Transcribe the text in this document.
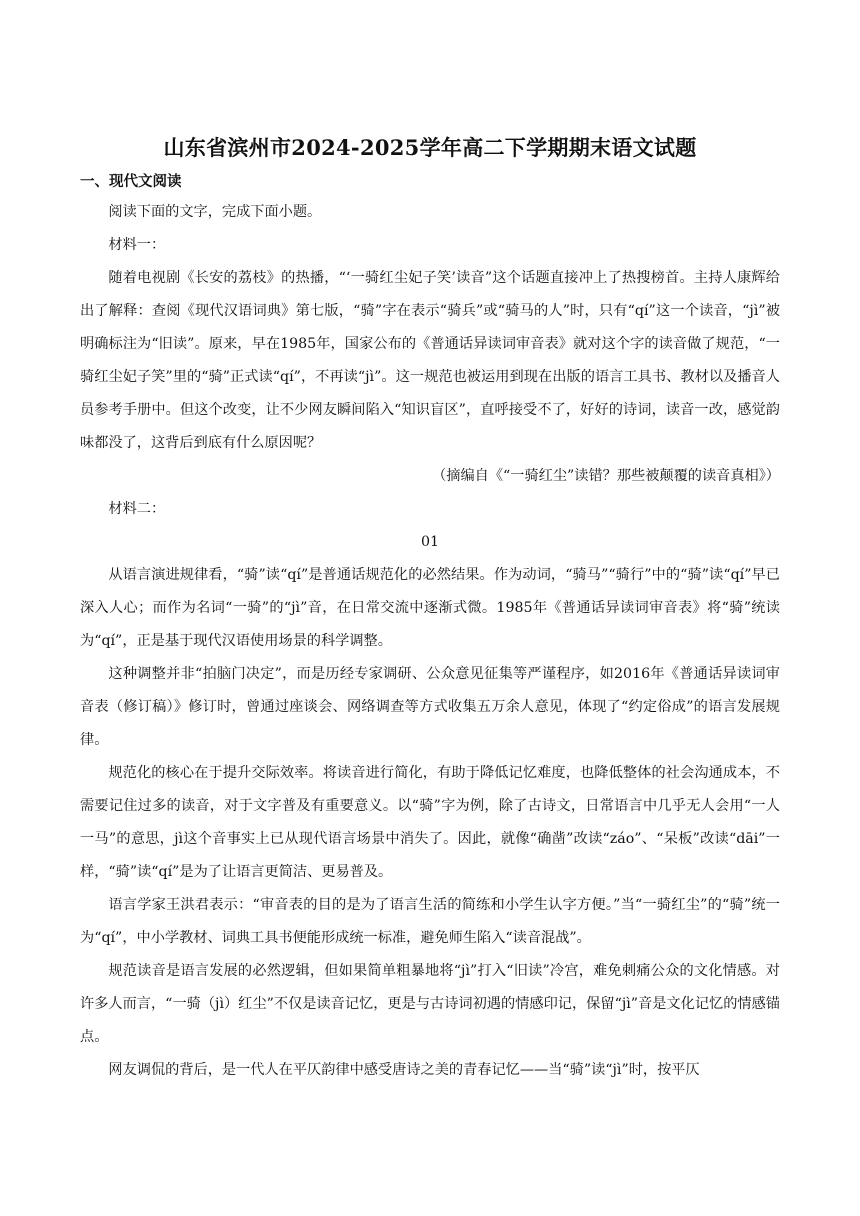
山东省滨州市2024-2025学年高二下学期期末语文试题
一、现代文阅读

阅读下面的文字，完成下面小题。

材料一：

随着电视剧《长安的荔枝》的热播，“‘一骑红尘妃子笑’读音”这个话题直接冲上了热搜榜首。主持人康辉给出了解释：查阅《现代汉语词典》第七版，“骑”字在表示“骑兵”或“骑马的人”时，只有“qí”这一个读音，“jì”被明确标注为“旧读”。原来，早在1985年，国家公布的《普通话异读词审音表》就对这个字的读音做了规范，“一骑红尘妃子笑”里的“骑”正式读“qí”，不再读“jì”。这一规范也被运用到现在出版的语言工具书、教材以及播音人员参考手册中。但这个改变，让不少网友瞬间陷入“知识盲区”，直呼接受不了，好好的诗词，读音一改，感觉韵味都没了，这背后到底有什么原因呢？

（摘编自《“一骑红尘”读错？那些被颠覆的读音真相》）

材料二：

01

从语言演进规律看，“骑”读“qí”是普通话规范化的必然结果。作为动词，“骑马”“骑行”中的“骑”读“qí”早已深入人心；而作为名词“一骑”的“jì”音，在日常交流中逐渐式微。1985年《普通话异读词审音表》将“骑”统读为“qí”，正是基于现代汉语使用场景的科学调整。

这种调整并非“拍脑门决定”，而是历经专家调研、公众意见征集等严谨程序，如2016年《普通话异读词审音表（修订稿）》修订时，曾通过座谈会、网络调查等方式收集五万余人意见，体现了“约定俗成”的语言发展规律。

规范化的核心在于提升交际效率。将读音进行简化，有助于降低记忆难度，也降低整体的社会沟通成本，不需要记住过多的读音，对于文字普及有重要意义。以“骑”字为例，除了古诗文，日常语言中几乎无人会用“一人一马”的意思，jì这个音事实上已从现代语言场景中消失了。因此，就像“确凿”改读“záo”、“呆板”改读“dāi”一样，“骑”读“qí”是为了让语言更简洁、更易普及。

语言学家王洪君表示：“审音表的目的是为了语言生活的简练和小学生认字方便。”当“一骑红尘”的“骑”统一为“qí”，中小学教材、词典工具书便能形成统一标准，避免师生陷入“读音混战”。

规范读音是语言发展的必然逻辑，但如果简单粗暴地将“jì”打入“旧读”冷宫，难免刺痛公众的文化情感。对许多人而言，“一骑（jì）红尘”不仅是读音记忆，更是与古诗词初遇的情感印记，保留“jì”音是文化记忆的情感锚点。

网友调侃的背后，是一代人在平仄韵律中感受唐诗之美的青春记忆——当“骑”读“jì”时，按平仄
